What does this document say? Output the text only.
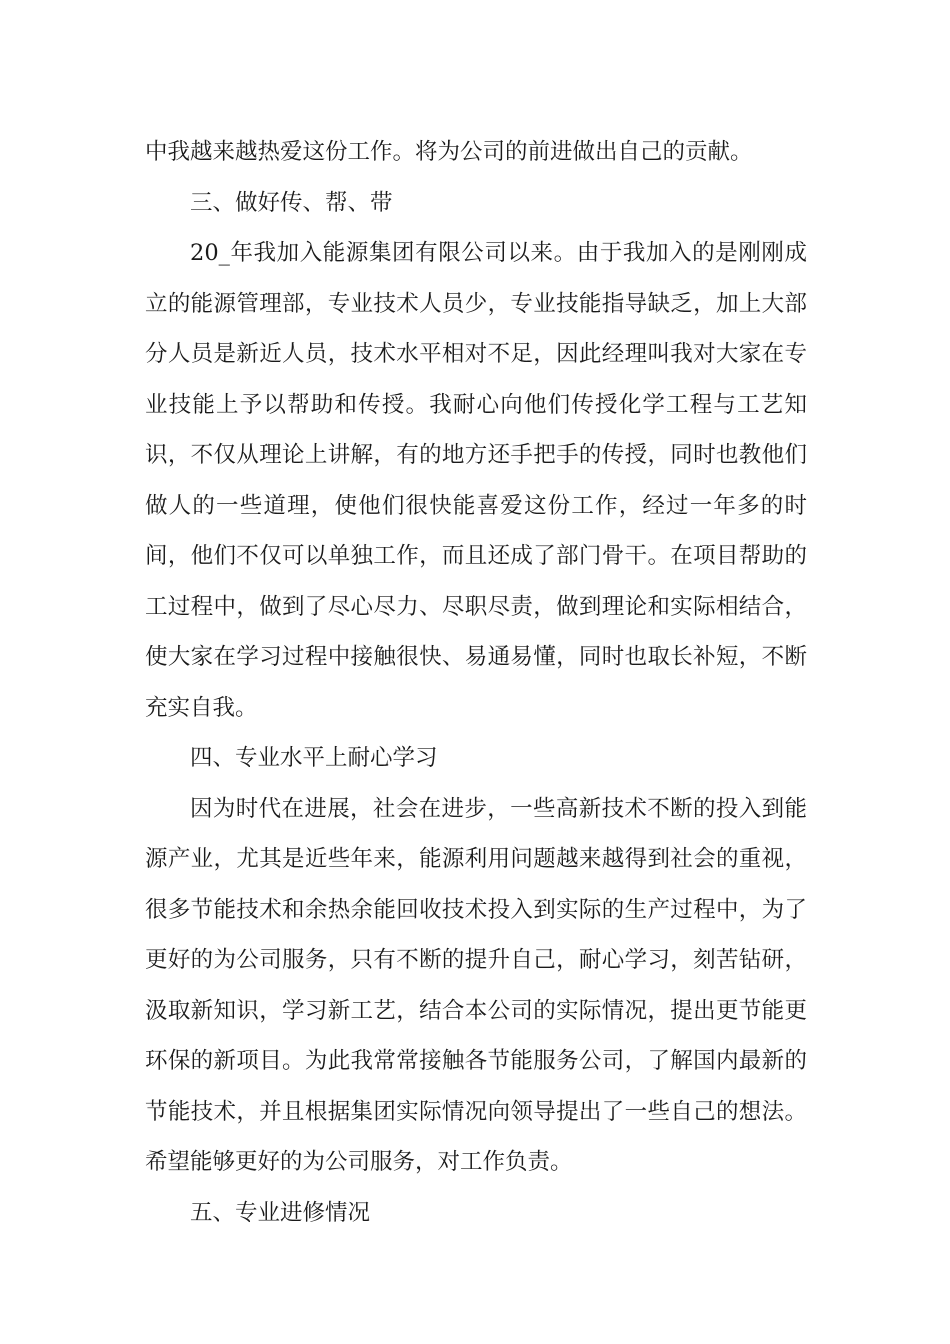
中我越来越热爱这份工作。将为公司的前进做出自己的贡献。

三、做好传、帮、带

20_年我加入能源集团有限公司以来。由于我加入的是刚刚成立的能源管理部，专业技术人员少，专业技能指导缺乏，加上大部分人员是新近人员，技术水平相对不足，因此经理叫我对大家在专业技能上予以帮助和传授。我耐心向他们传授化学工程与工艺知识，不仅从理论上讲解，有的地方还手把手的传授，同时也教他们做人的一些道理，使他们很快能喜爱这份工作，经过一年多的时间，他们不仅可以单独工作，而且还成了部门骨干。在项目帮助的工过程中，做到了尽心尽力、尽职尽责，做到理论和实际相结合，使大家在学习过程中接触很快、易通易懂，同时也取长补短，不断充实自我。

四、专业水平上耐心学习

因为时代在进展，社会在进步，一些高新技术不断的投入到能源产业，尤其是近些年来，能源利用问题越来越得到社会的重视，很多节能技术和余热余能回收技术投入到实际的生产过程中，为了更好的为公司服务，只有不断的提升自己，耐心学习，刻苦钻研，汲取新知识，学习新工艺，结合本公司的实际情况，提出更节能更环保的新项目。为此我常常接触各节能服务公司，了解国内最新的节能技术，并且根据集团实际情况向领导提出了一些自己的想法。希望能够更好的为公司服务，对工作负责。

五、专业进修情况
